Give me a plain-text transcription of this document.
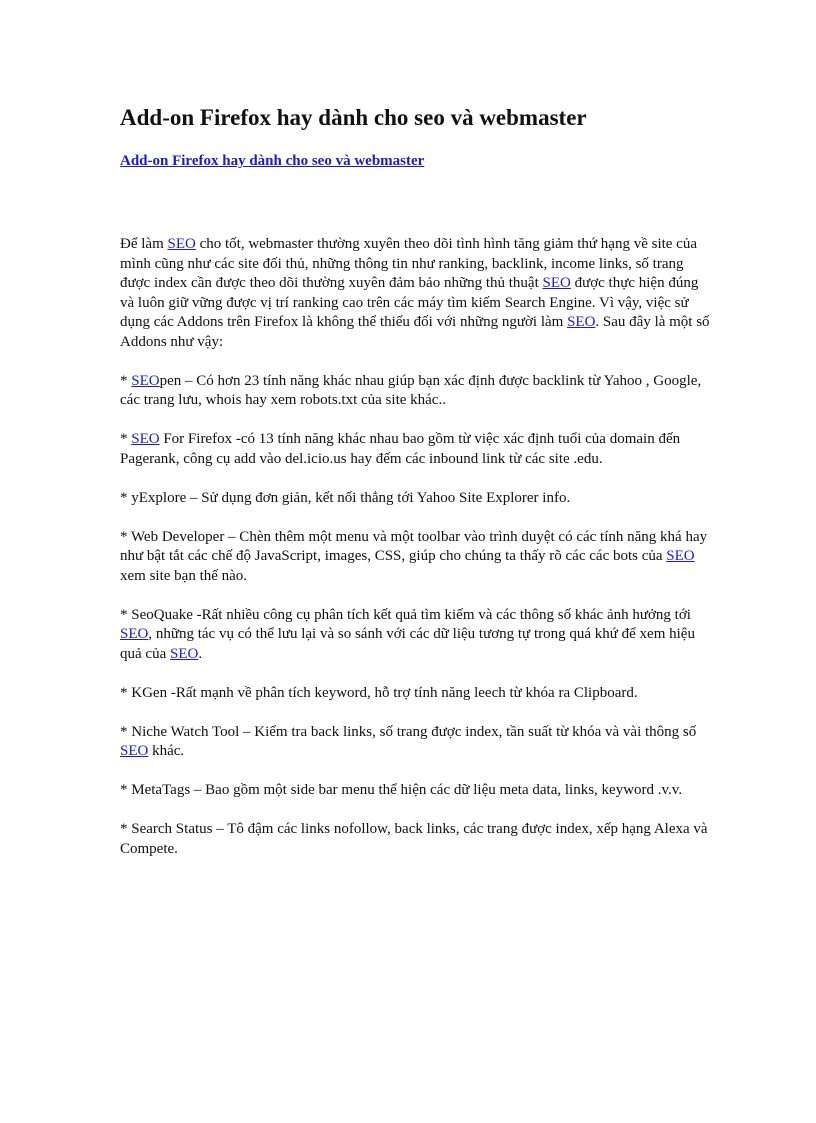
Add-on Firefox hay dành cho seo và webmaster
Add-on Firefox hay dành cho seo và webmaster

Để làm SEO cho tốt, webmaster thường xuyên theo dõi tình hình tăng giảm thứ hạng về site của mình cũng như các site đối thủ, những thông tin như ranking, backlink, income links, số trang được index cần được theo dõi thường xuyên đảm bảo những thủ thuật SEO được thực hiện đúng và luôn giữ vững được vị trí ranking cao trên các máy tìm kiếm Search Engine. Vì vậy, việc sử dụng các Addons trên Firefox là không thể thiếu đối với những người làm SEO. Sau đây là một số Addons như vậy:

* SEOpen – Có hơn 23 tính năng khác nhau giúp bạn xác định được backlink từ Yahoo , Google, các trang lưu, whois hay xem robots.txt của site khác..

* SEO For Firefox -có 13 tính năng khác nhau bao gồm từ việc xác định tuổi của domain đến Pagerank, công cụ add vào del.icio.us hay đếm các inbound link từ các site .edu.

* yExplore – Sử dụng đơn giản, kết nối thẳng tới Yahoo Site Explorer info.

* Web Developer – Chèn thêm một menu và một toolbar vào trình duyệt có các tính năng khá hay như bật tắt các chế độ JavaScript, images, CSS, giúp cho chúng ta thấy rõ các các bots của SEO xem site bạn thế nào.

* SeoQuake -Rất nhiều công cụ phân tích kết quả tìm kiếm và các thông số khác ảnh hưởng tới SEO, những tác vụ có thể lưu lại và so sánh với các dữ liệu tương tự trong quá khứ để xem hiệu quả của SEO.

* KGen -Rất mạnh về phân tích keyword, hỗ trợ tính năng leech từ khóa ra Clipboard.

* Niche Watch Tool – Kiểm tra back links, số trang được index, tần suất từ khóa và vài thông số SEO khác.

* MetaTags – Bao gồm một side bar menu thể hiện các dữ liệu meta data, links, keyword .v.v.

* Search Status – Tô đậm các links nofollow, back links, các trang được index, xếp hạng Alexa và Compete.
